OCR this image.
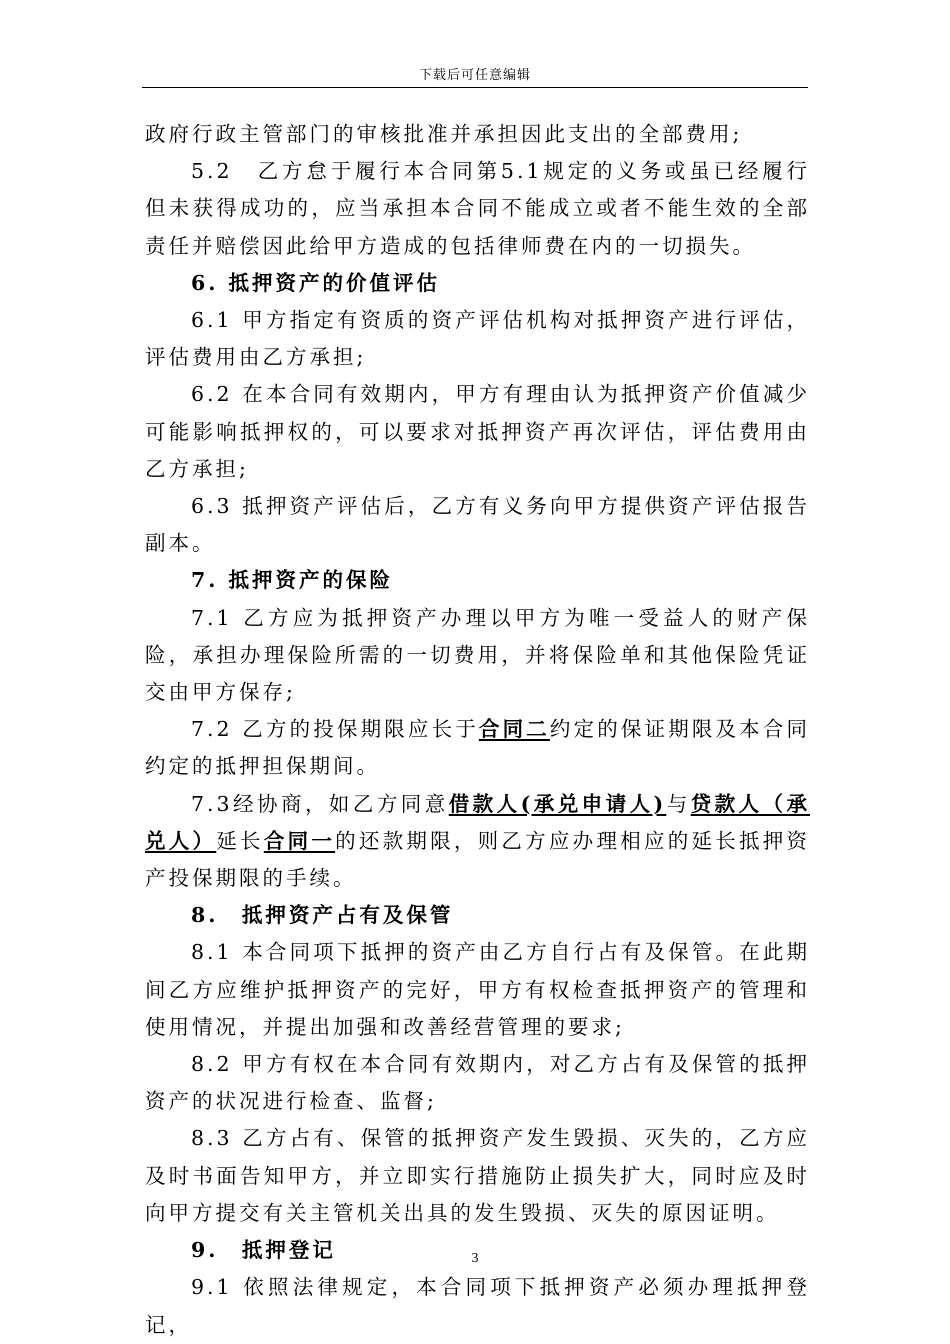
下载后可任意编辑

政府行政主管部门的审核批准并承担因此支出的全部费用;

5.2　乙方怠于履行本合同第5.1规定的义务或虽已经履行但未获得成功的，应当承担本合同不能成立或者不能生效的全部责任并赔偿因此给甲方造成的包括律师费在内的一切损失。

6. 抵押资产的价值评估

6.1 甲方指定有资质的资产评估机构对抵押资产进行评估，评估费用由乙方承担;

6.2 在本合同有效期内，甲方有理由认为抵押资产价值减少可能影响抵押权的，可以要求对抵押资产再次评估，评估费用由乙方承担;

6.3 抵押资产评估后，乙方有义务向甲方提供资产评估报告副本。

7. 抵押资产的保险

7.1 乙方应为抵押资产办理以甲方为唯一受益人的财产保险，承担办理保险所需的一切费用，并将保险单和其他保险凭证交由甲方保存;

7.2 乙方的投保期限应长于合同二约定的保证期限及本合同约定的抵押担保期间。

7.3经协商，如乙方同意借款人(承兑申请人)与贷款人（承兑人）延长合同一的还款期限，则乙方应办理相应的延长抵押资产投保期限的手续。

8.　抵押资产占有及保管

8.1 本合同项下抵押的资产由乙方自行占有及保管。在此期间乙方应维护抵押资产的完好，甲方有权检查抵押资产的管理和使用情况，并提出加强和改善经营管理的要求;

8.2 甲方有权在本合同有效期内，对乙方占有及保管的抵押资产的状况进行检查、监督;

8.3 乙方占有、保管的抵押资产发生毁损、灭失的，乙方应及时书面告知甲方，并立即实行措施防止损失扩大，同时应及时向甲方提交有关主管机关出具的发生毁损、灭失的原因证明。

9.　抵押登记

9.1 依照法律规定，本合同项下抵押资产必须办理抵押登记，

3
